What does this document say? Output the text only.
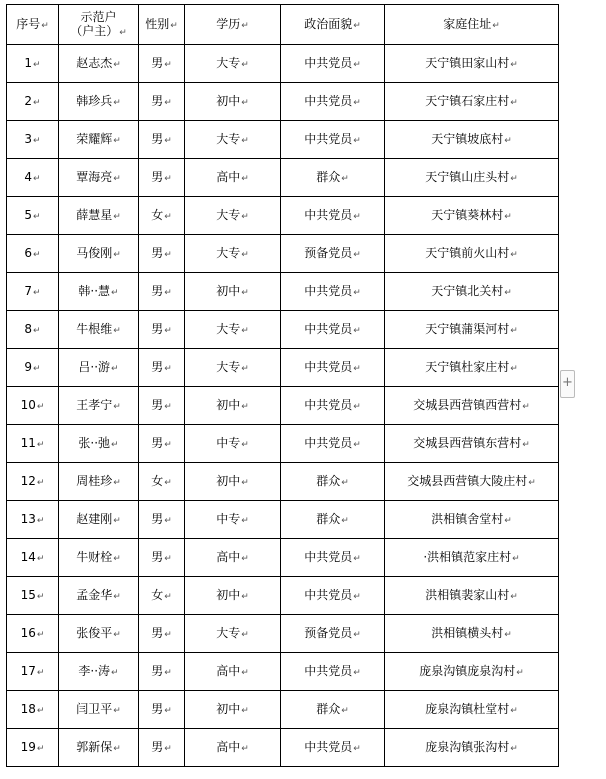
序号↵	示范户
（户主）↵	性别↵	学历↵	政治面貌↵	家庭住址↵
1↵	赵志杰↵	男↵	大专↵	中共党员↵	天宁镇田家山村↵
2↵	韩珍兵↵	男↵	初中↵	中共党员↵	天宁镇石家庄村↵
3↵	荣耀辉↵	男↵	大专↵	中共党员↵	天宁镇坡底村↵
4↵	覃海亮↵	男↵	高中↵	群众↵	天宁镇山庄头村↵
5↵	薛慧星↵	女↵	大专↵	中共党员↵	天宁镇葵林村↵
6↵	马俊刚↵	男↵	大专↵	预备党员↵	天宁镇前火山村↵
7↵	韩··慧↵	男↵	初中↵	中共党员↵	天宁镇北关村↵
8↵	牛根维↵	男↵	大专↵	中共党员↵	天宁镇蒲渠河村↵
9↵	吕··游↵	男↵	大专↵	中共党员↵	天宁镇杜家庄村↵
10↵	王孝宁↵	男↵	初中↵	中共党员↵	交城县西营镇西营村↵
11↵	张··弛↵	男↵	中专↵	中共党员↵	交城县西营镇东营村↵
12↵	周桂珍↵	女↵	初中↵	群众↵	交城县西营镇大陵庄村↵
13↵	赵建刚↵	男↵	中专↵	群众↵	洪相镇舍堂村↵
14↵	牛财栓↵	男↵	高中↵	中共党员↵	·洪相镇范家庄村↵
15↵	孟金华↵	女↵	初中↵	中共党员↵	洪相镇裴家山村↵
16↵	张俊平↵	男↵	大专↵	预备党员↵	洪相镇横头村↵
17↵	李··涛↵	男↵	高中↵	中共党员↵	庞泉沟镇庞泉沟村↵
18↵	闫卫平↵	男↵	初中↵	群众↵	庞泉沟镇杜堂村↵
19↵	郭新保↵	男↵	高中↵	中共党员↵	庞泉沟镇张沟村↵
+
